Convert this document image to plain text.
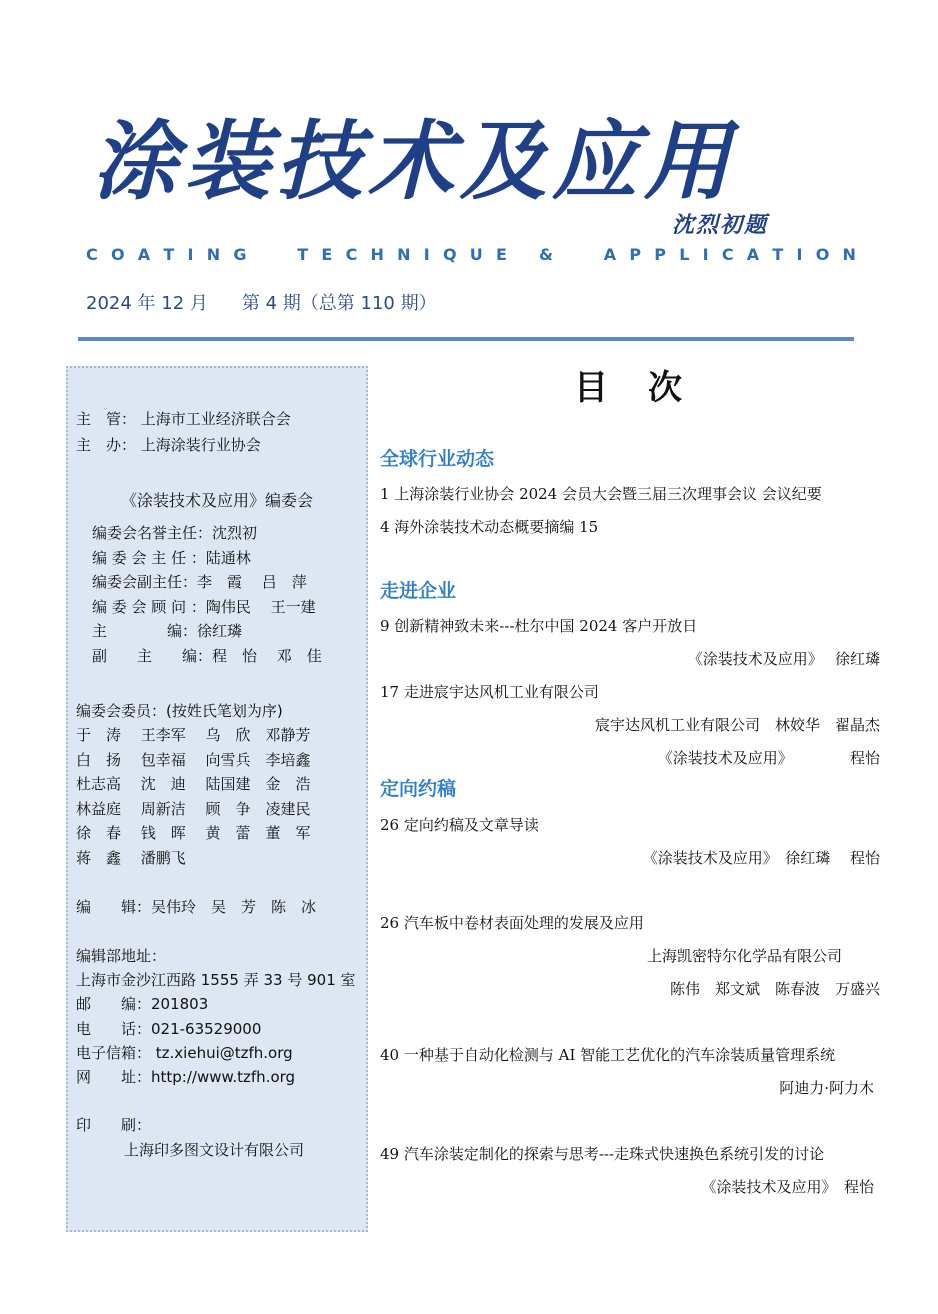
涂装技术及应用
沈烈初题
C O A T I N G

	T E C H N I Q U E
&

	A P P L I C A T I O N
2024 年 12 月 第 4 期（总第 110 期）
主　管： 上海市工业经济联合会
主　办： 上海涂装行业协会
《涂装技术及应用》编委会
编委会名誉主任：沈烈初
编 委 会 主 任 ：陆通林
编委会副主任：李　霞　 吕　萍
编 委 会 顾 问 ：陶伟民　 王一建
主　　　　编：徐红璘
副　　主　　编：程　怡　 邓　佳
编委会委员：(按姓氏笔划为序)
于　涛　 王李军　 乌　欣　邓静芳
白　扬　 包幸福　 向雪兵　李培鑫
杜志高　 沈　迪　 陆国建　金　浩
林益庭　 周新洁　 顾　争　凌建民
徐　春　 钱　晖　 黄　蕾　董　军
蒋　鑫　 潘鹏飞
编　　辑：吴伟玲　吴　芳　陈　冰
编辑部地址：
上海市金沙江西路 1555 弄 33 号 901 室
邮　　编：201803
电　　话：021-63529000
电子信箱： tz.xiehui@tzfh.org
网　　址：http://www.tzfh.org
印　　刷：
上海印多图文设计有限公司
目次
全球行业动态
1 上海涂装行业协会 2024 会员大会暨三届三次理事会议 会议纪要
4 海外涂装技术动态概要摘编 15
走进企业
9 创新精神致未来---杜尔中国 2024 客户开放日
《涂装技术及应用》　 徐红璘
17 走进宸宇达风机工业有限公司
宸宇达风机工业有限公司　林姣华　翟晶杰
《涂装技术及应用》　　　　 程怡
定向约稿
26 定向约稿及文章导读
《涂装技术及应用》　徐红璘　 程怡
26 汽车板中卷材表面处理的发展及应用
上海凯密特尔化学品有限公司
陈伟　郑文斌　陈春波　万盛兴
40 一种基于自动化检测与 AI 智能工艺优化的汽车涂装质量管理系统
阿迪力·阿力木
49 汽车涂装定制化的探索与思考---走珠式快速换色系统引发的讨论
《涂装技术及应用》　程怡
